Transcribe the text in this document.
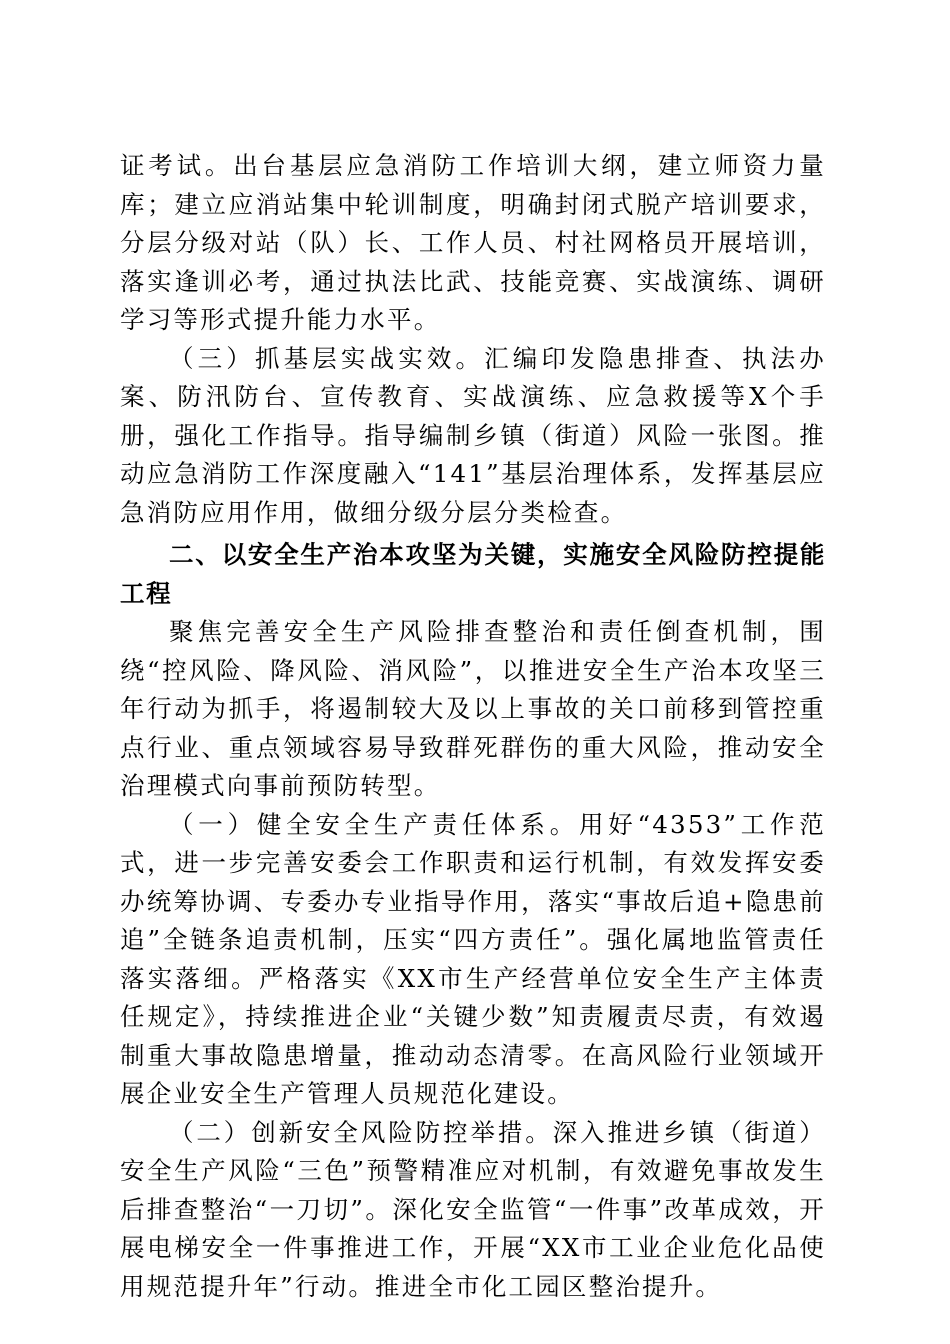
证考试。出台基层应急消防工作培训大纲，建立师资力量库；建立应消站集中轮训制度，明确封闭式脱产培训要求，分层分级对站（队）长、工作人员、村社网格员开展培训，落实逢训必考，通过执法比武、技能竞赛、实战演练、调研学习等形式提升能力水平。

（三）抓基层实战实效。汇编印发隐患排查、执法办案、防汛防台、宣传教育、实战演练、应急救援等X个手册，强化工作指导。指导编制乡镇（街道）风险一张图。推动应急消防工作深度融入“141”基层治理体系，发挥基层应急消防应用作用，做细分级分层分类检查。

二、以安全生产治本攻坚为关键，实施安全风险防控提能工程

聚焦完善安全生产风险排查整治和责任倒查机制，围绕“控风险、降风险、消风险”，以推进安全生产治本攻坚三年行动为抓手，将遏制较大及以上事故的关口前移到管控重点行业、重点领域容易导致群死群伤的重大风险，推动安全治理模式向事前预防转型。

（一）健全安全生产责任体系。用好“4353”工作范式，进一步完善安委会工作职责和运行机制，有效发挥安委办统筹协调、专委办专业指导作用，落实“事故后追+隐患前追”全链条追责机制，压实“四方责任”。强化属地监管责任落实落细。严格落实《XX市生产经营单位安全生产主体责任规定》，持续推进企业“关键少数”知责履责尽责，有效遏制重大事故隐患增量，推动动态清零。在高风险行业领域开展企业安全生产管理人员规范化建设。

（二）创新安全风险防控举措。深入推进乡镇（街道）安全生产风险“三色”预警精准应对机制，有效避免事故发生后排查整治“一刀切”。深化安全监管“一件事”改革成效，开展电梯安全一件事推进工作，开展“XX市工业企业危化品使用规范提升年”行动。推进全市化工园区整治提升。
